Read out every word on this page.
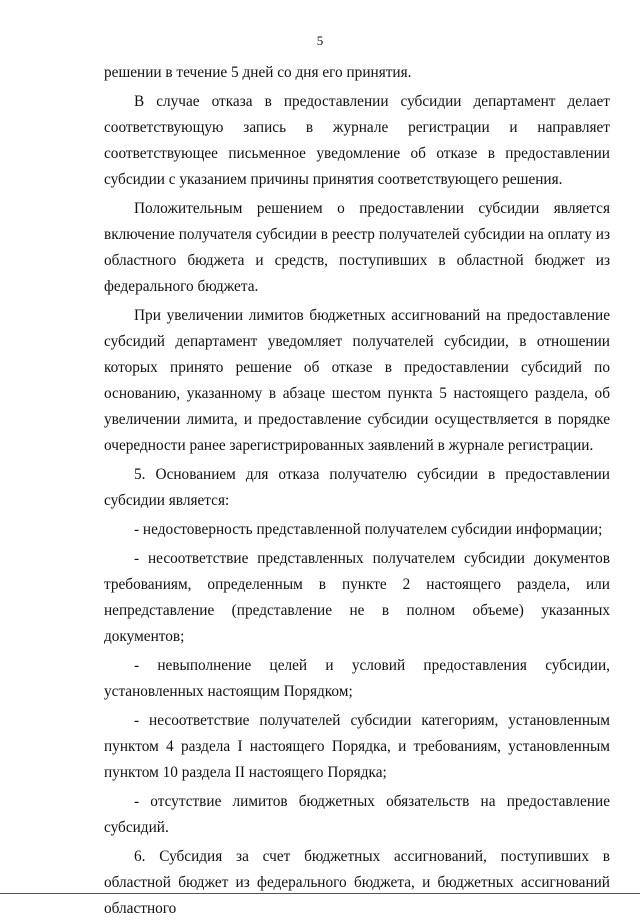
5

решении в течение 5 дней со дня его принятия.

В случае отказа в предоставлении субсидии департамент делает соответствующую запись в журнале регистрации и направляет соответствующее письменное уведомление об отказе в предоставлении субсидии с указанием причины принятия соответствующего решения.

Положительным решением о предоставлении субсидии является включение получателя субсидии в реестр получателей субсидии на оплату из областного бюджета и средств, поступивших в областной бюджет из федерального бюджета.

При увеличении лимитов бюджетных ассигнований на предоставление субсидий департамент уведомляет получателей субсидии, в отношении которых принято решение об отказе в предоставлении субсидий по основанию, указанному в абзаце шестом пункта 5 настоящего раздела, об увеличении лимита, и предоставление субсидии осуществляется в порядке очередности ранее зарегистрированных заявлений в журнале регистрации.

5. Основанием для отказа получателю субсидии в предоставлении субсидии является:

- недостоверность представленной получателем субсидии информации;

- несоответствие представленных получателем субсидии документов требованиям, определенным в пункте 2 настоящего раздела, или непредставление (представление не в полном объеме) указанных документов;

- невыполнение целей и условий предоставления субсидии, установленных настоящим Порядком;

- несоответствие получателей субсидии категориям, установленным пунктом 4 раздела I настоящего Порядка, и требованиям, установленным пунктом 10 раздела II настоящего Порядка;

- отсутствие лимитов бюджетных обязательств на предоставление субсидий.

6. Субсидия за счет бюджетных ассигнований, поступивших в областной бюджет из федерального бюджета, и бюджетных ассигнований областного
